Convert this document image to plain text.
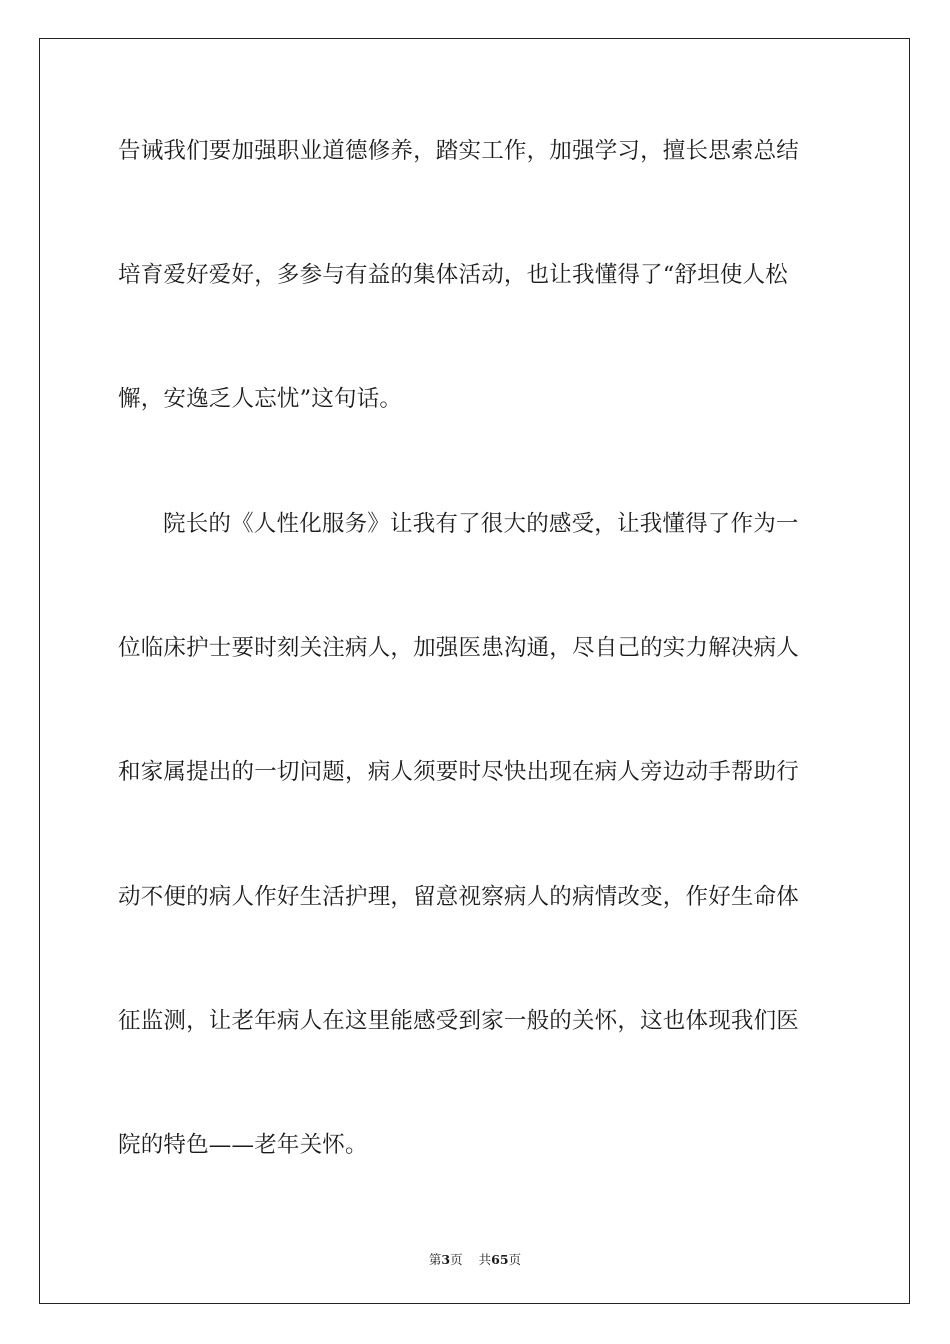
告诫我们要加强职业道德修养，踏实工作，加强学习，擅长思索总结
培育爱好爱好，多参与有益的集体活动，也让我懂得了“舒坦使人松
懈，安逸乏人忘忧”这句话。
院长的《人性化服务》让我有了很大的感受，让我懂得了作为一
位临床护士要时刻关注病人，加强医患沟通，尽自己的实力解决病人
和家属提出的一切问题，病人须要时尽快出现在病人旁边动手帮助行
动不便的病人作好生活护理，留意视察病人的病情改变，作好生命体
征监测，让老年病人在这里能感受到家一般的关怀，这也体现我们医
院的特色——老年关怀。
第3页 共65页
